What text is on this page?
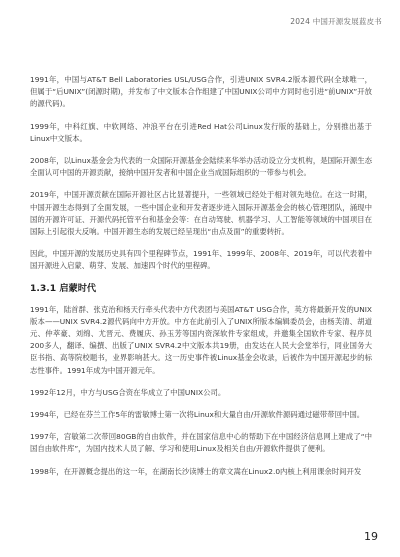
2024 中国开源发展蓝皮书

1991年，中国与AT&T Bell Laboratories USL/USG合作，引进UNIX SVR4.2版本源代码(全球唯一，但属于“后UNIX”(闭源时期)，并发布了中文版本合作组建了中国UNIX公司中方同时也引进“前UNIX”开放的源代码)。

1999年，中科红旗、中软网络、冲浪平台在引进Red Hat公司Linux发行版的基础上，分别推出基于Linux中文版本。

2008年，以Linux基金会为代表的一众国际开源基金会陆续来华举办活动设立分支机构，是国际开源生态全面认可中国的开源贡献，接纳中国开发者和中国企业当成国际组织的一带参与机会。

2019年，中国开源贡献在国际开源社区占比显著提升，一些领域已经处于相对领先地位。在这一时期，中国开源生态得到了全面发展，一些中国企业和开发者逐步进入国际开源基金会的核心管理团队，涌现中国的开源许可证、开源代码托管平台和基金会等：在自动驾驶、机器学习、人工智能等领域的中国项目在国际上引起很大反响。中国开源生态的发展已经呈现出“由点及面”的重要转折。

因此，中国开源的发展历史具有四个里程碑节点，1991年、1999年、2008年、2019年，可以代表着中国开源进入启蒙、萌芽、发展、加速四个时代的里程碑。

1.3.1 启蒙时代

1991年，陆首群、张克治和杨天行牵头代表中方代表团与美国AT&T USG合作，英方将最新开发的UNIX版本——UNIX SVR4.2源代码向中方开放。中方在此前引入了UNIX所版本编辑委员会，由杨芙清、胡道元、仲萃豪、刘绵、尤晋元、费履庆、孙玉芳等国内资深软件专家组成，并邀集全国软件专家、程序员200多人，翻译、编撰、出版了UNIX SVR4.2中文版本共19册，由发达在人民大会堂举行，同业国务大臣书指、高等院校题书，业界影响甚大。这一历史事件被Linux基金会收录，后被作为中国开源起步的标志性事件。1991年成为中国开源元年。

1992年12月，中方与USG合资在华成立了中国UNIX公司。

1994年，已经在芬兰工作5年的雷敏博士第一次将Linux和大量自由/开源软件源码通过磁带带回中国。

1997年，宫敏第二次带回80GB的自由软件，并在国家信息中心的帮助下在中国经济信息网上建成了“中国自由软件库”，为国内技术人员了解、学习和使用Linux及相关自由/开源软件提供了便利。

1998年，在开源概念提出的这一年，在湖南长沙读博士的章文嵩在Linux2.0内核上利用课余时间开发

19
